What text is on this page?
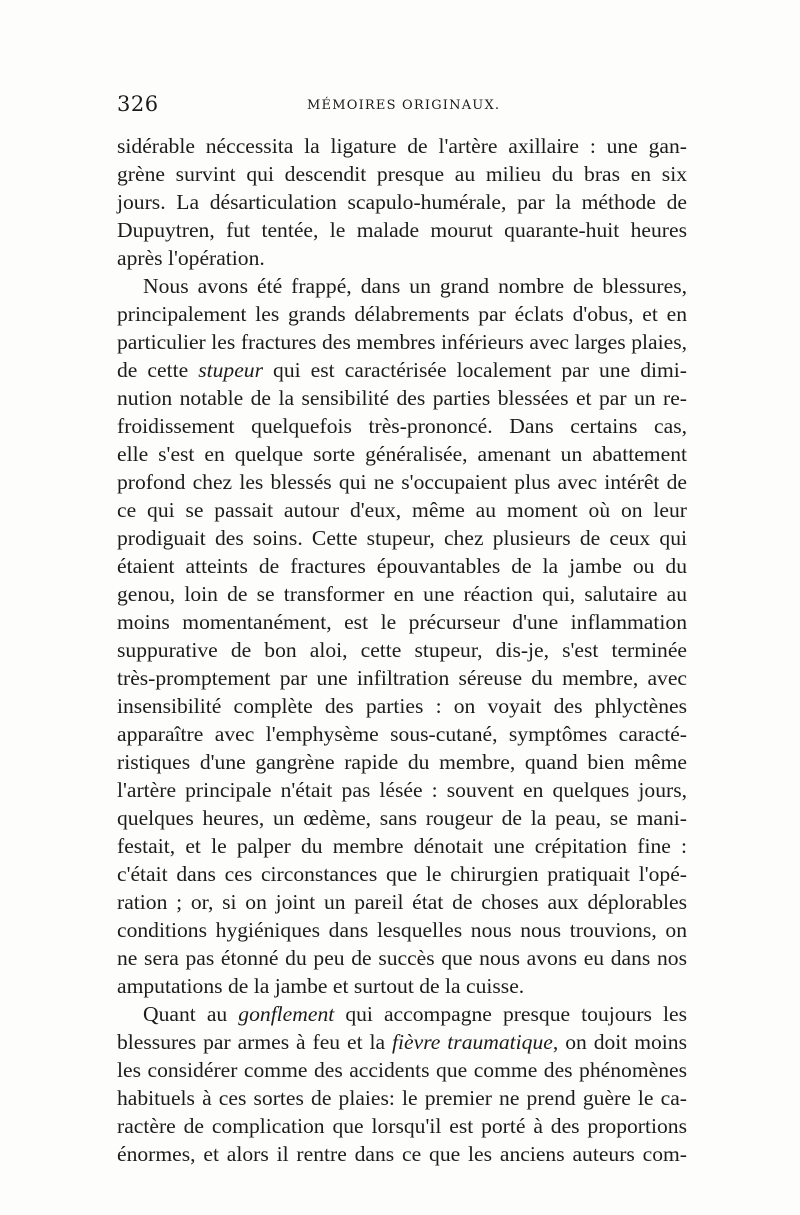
326	MÉMOIRES ORIGINAUX.
sidérable néccessita la ligature de l'artère axillaire : une gan-
grène survint qui descendit presque au milieu du bras en six
jours. La désarticulation scapulo-humérale, par la méthode de
Dupuytren, fut tentée, le malade mourut quarante-huit heures
après l'opération.
Nous avons été frappé, dans un grand nombre de blessures,
principalement les grands délabrements par éclats d'obus, et en
particulier les fractures des membres inférieurs avec larges plaies,
de cette stupeur qui est caractérisée localement par une dimi-
nution notable de la sensibilité des parties blessées et par un re-
froidissement quelquefois très-prononcé. Dans certains cas,
elle s'est en quelque sorte généralisée, amenant un abattement
profond chez les blessés qui ne s'occupaient plus avec intérêt de
ce qui se passait autour d'eux, même au moment où on leur
prodiguait des soins. Cette stupeur, chez plusieurs de ceux qui
étaient atteints de fractures épouvantables de la jambe ou du
genou, loin de se transformer en une réaction qui, salutaire au
moins momentanément, est le précurseur d'une inflammation
suppurative de bon aloi, cette stupeur, dis-je, s'est terminée
très-promptement par une infiltration séreuse du membre, avec
insensibilité complète des parties : on voyait des phlyctènes
apparaître avec l'emphysème sous-cutané, symptômes caracté-
ristiques d'une gangrène rapide du membre, quand bien même
l'artère principale n'était pas lésée : souvent en quelques jours,
quelques heures, un œdème, sans rougeur de la peau, se mani-
festait, et le palper du membre dénotait une crépitation fine :
c'était dans ces circonstances que le chirurgien pratiquait l'opé-
ration ; or, si on joint un pareil état de choses aux déplorables
conditions hygiéniques dans lesquelles nous nous trouvions, on
ne sera pas étonné du peu de succès que nous avons eu dans nos
amputations de la jambe et surtout de la cuisse.
Quant au gonflement qui accompagne presque toujours les
blessures par armes à feu et la fièvre traumatique, on doit moins
les considérer comme des accidents que comme des phénomènes
habituels à ces sortes de plaies: le premier ne prend guère le ca-
ractère de complication que lorsqu'il est porté à des proportions
énormes, et alors il rentre dans ce que les anciens auteurs com-
